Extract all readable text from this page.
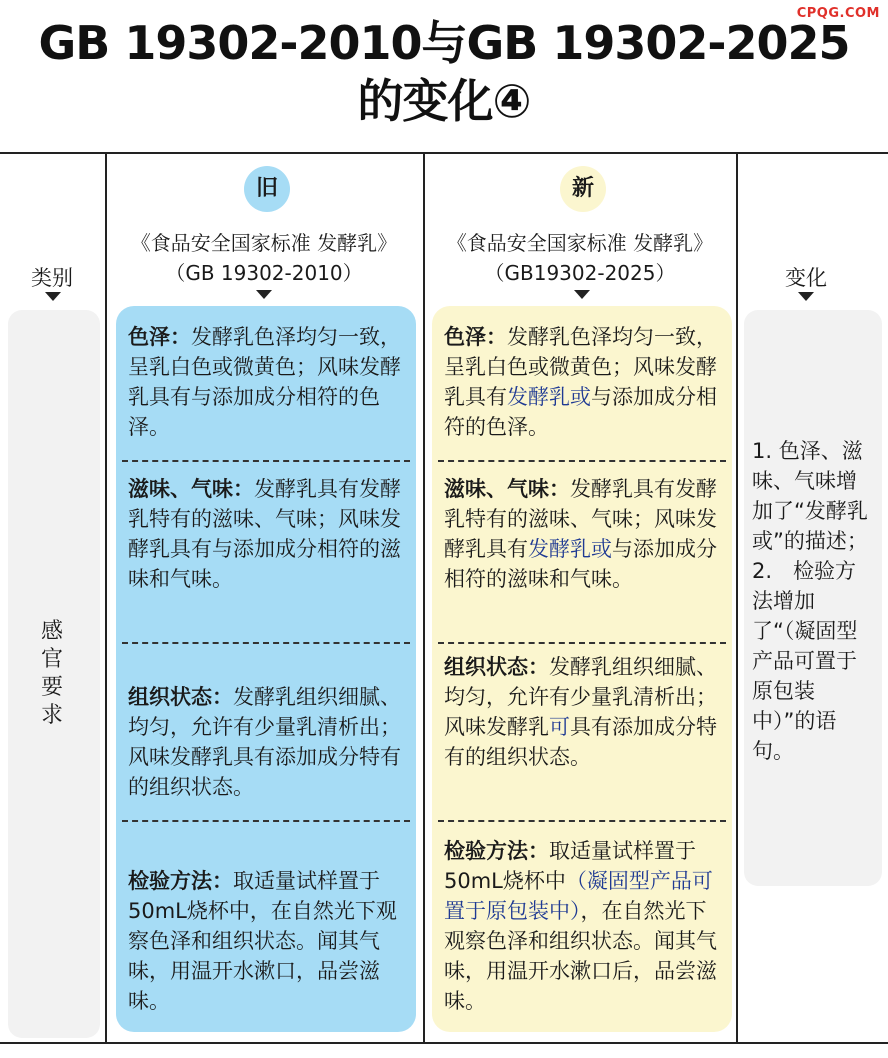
CPQG.COM
GB 19302-2010与GB 19302-2025
的变化④
类别
旧
《食品安全国家标准 发酵乳》
（GB 19302-2010）
新
《食品安全国家标准 发酵乳》
（GB19302-2025）	变化
感官要求
色泽：发酵乳色泽均匀一致，呈乳白色或微黄色；风味发酵乳具有与添加成分相符的色泽。
滋味、气味：发酵乳具有发酵乳特有的滋味、气味；风味发酵乳具有与添加成分相符的滋味和气味。
组织状态：发酵乳组织细腻、均匀，允许有少量乳清析出；风味发酵乳具有添加成分特有的组织状态。
检验方法：取适量试样置于50mL烧杯中，在自然光下观察色泽和组织状态。闻其气味，用温开水漱口，品尝滋味。
色泽：发酵乳色泽均匀一致，呈乳白色或微黄色；风味发酵乳具有发酵乳或与添加成分相符的色泽。
滋味、气味：发酵乳具有发酵乳特有的滋味、气味；风味发酵乳具有发酵乳或与添加成分相符的滋味和气味。
组织状态：发酵乳组织细腻、均匀，允许有少量乳清析出；风味发酵乳可具有添加成分特有的组织状态。
检验方法：取适量试样置于50mL烧杯中（凝固型产品可置于原包装中），在自然光下观察色泽和组织状态。闻其气味，用温开水漱口后，品尝滋味。

1. 色泽、滋味、气味增加了“发酵乳或”的描述；

2.　检验方法增加了“（凝固型产品可置于原包装中）”的语句。
